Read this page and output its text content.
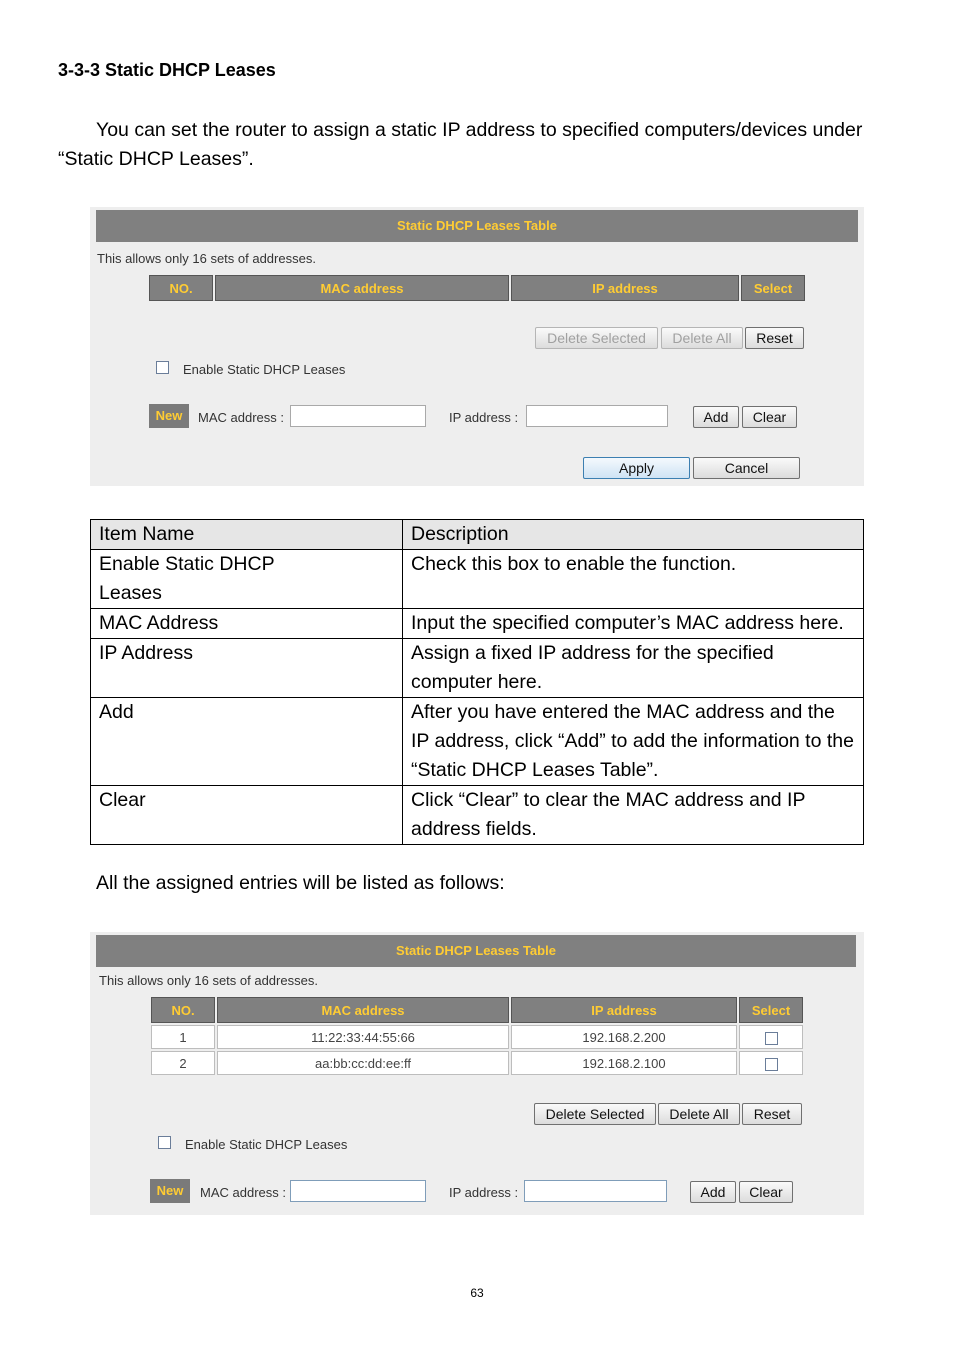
3-3-3 Static DHCP Leases
You can set the router to assign a static IP address to specified computers/devices under “Static DHCP Leases”.
Static DHCP Leases Table
This allows only 16 sets of addresses.
NO.	MAC address	IP address	Select
Delete Selected	Delete All	Reset
Enable Static DHCP Leases
New	MAC address :	IP address :	Add	Clear
Apply	Cancel
Item Name	Description
Enable Static DHCP Leases	Check this box to enable the function.
MAC Address	Input the specified computer’s MAC address here.
IP Address	Assign a fixed IP address for the specified computer here.
Add	After you have entered the MAC address and the IP address, click “Add” to add the information to the “Static DHCP Leases Table”.
Clear	Click “Clear” to clear the MAC address and IP address fields.
All the assigned entries will be listed as follows:
Static DHCP Leases Table
This allows only 16 sets of addresses.
NO.	MAC address	IP address	Select
1	11:22:33:44:55:66	192.168.2.200	
2	aa:bb:cc:dd:ee:ff	192.168.2.100	
Delete Selected	Delete All	Reset
Enable Static DHCP Leases
New	MAC address :	IP address :	Add	Clear
63
